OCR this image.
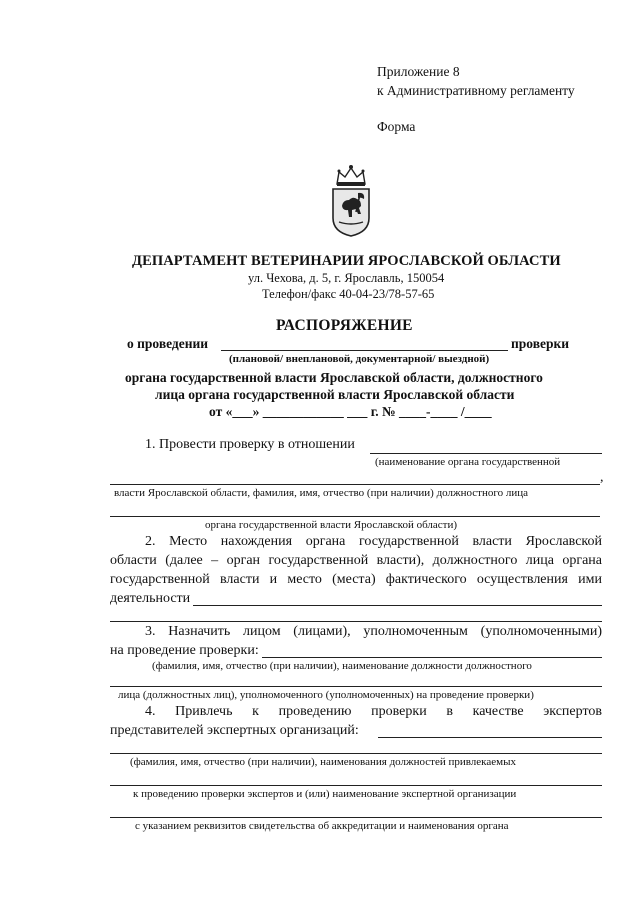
Приложение 8
к Административному регламенту
Форма
ДЕПАРТАМЕНТ ВЕТЕРИНАРИИ ЯРОСЛАВСКОЙ ОБЛАСТИ
ул. Чехова, д. 5, г. Ярославль, 150054
Телефон/факс 40-04-23/78-57-65
РАСПОРЯЖЕНИЕ
о проведении	проверки
(плановой/ внеплановой, документарной/ выездной)
органа государственной власти Ярославской области, должностного
лица органа государственной власти Ярославской области
от «___» ____________ ___ г. № ____-____ /____
1. Провести проверку в отношении
(наименование органа государственной
,
власти Ярославской области, фамилия, имя, отчество (при наличии) должностного лица
органа государственной власти Ярославской области)
2. Место нахождения органа государственной власти Ярославской
области (далее – орган государственной власти), должностного лица органа
государственной власти и место (места) фактического осуществления ими
деятельности
3. Назначить лицом (лицами), уполномоченным (уполномоченными)
на проведение проверки:
(фамилия, имя, отчество (при наличии), наименование должности должностного
лица (должностных лиц), уполномоченного (уполномоченных) на проведение проверки)
4. Привлечь к проведению проверки в качестве экспертов
представителей экспертных организаций:
(фамилия, имя, отчество (при наличии), наименования должностей привлекаемых
к проведению проверки экспертов и (или) наименование экспертной организации
с указанием реквизитов свидетельства об аккредитации и наименования органа
